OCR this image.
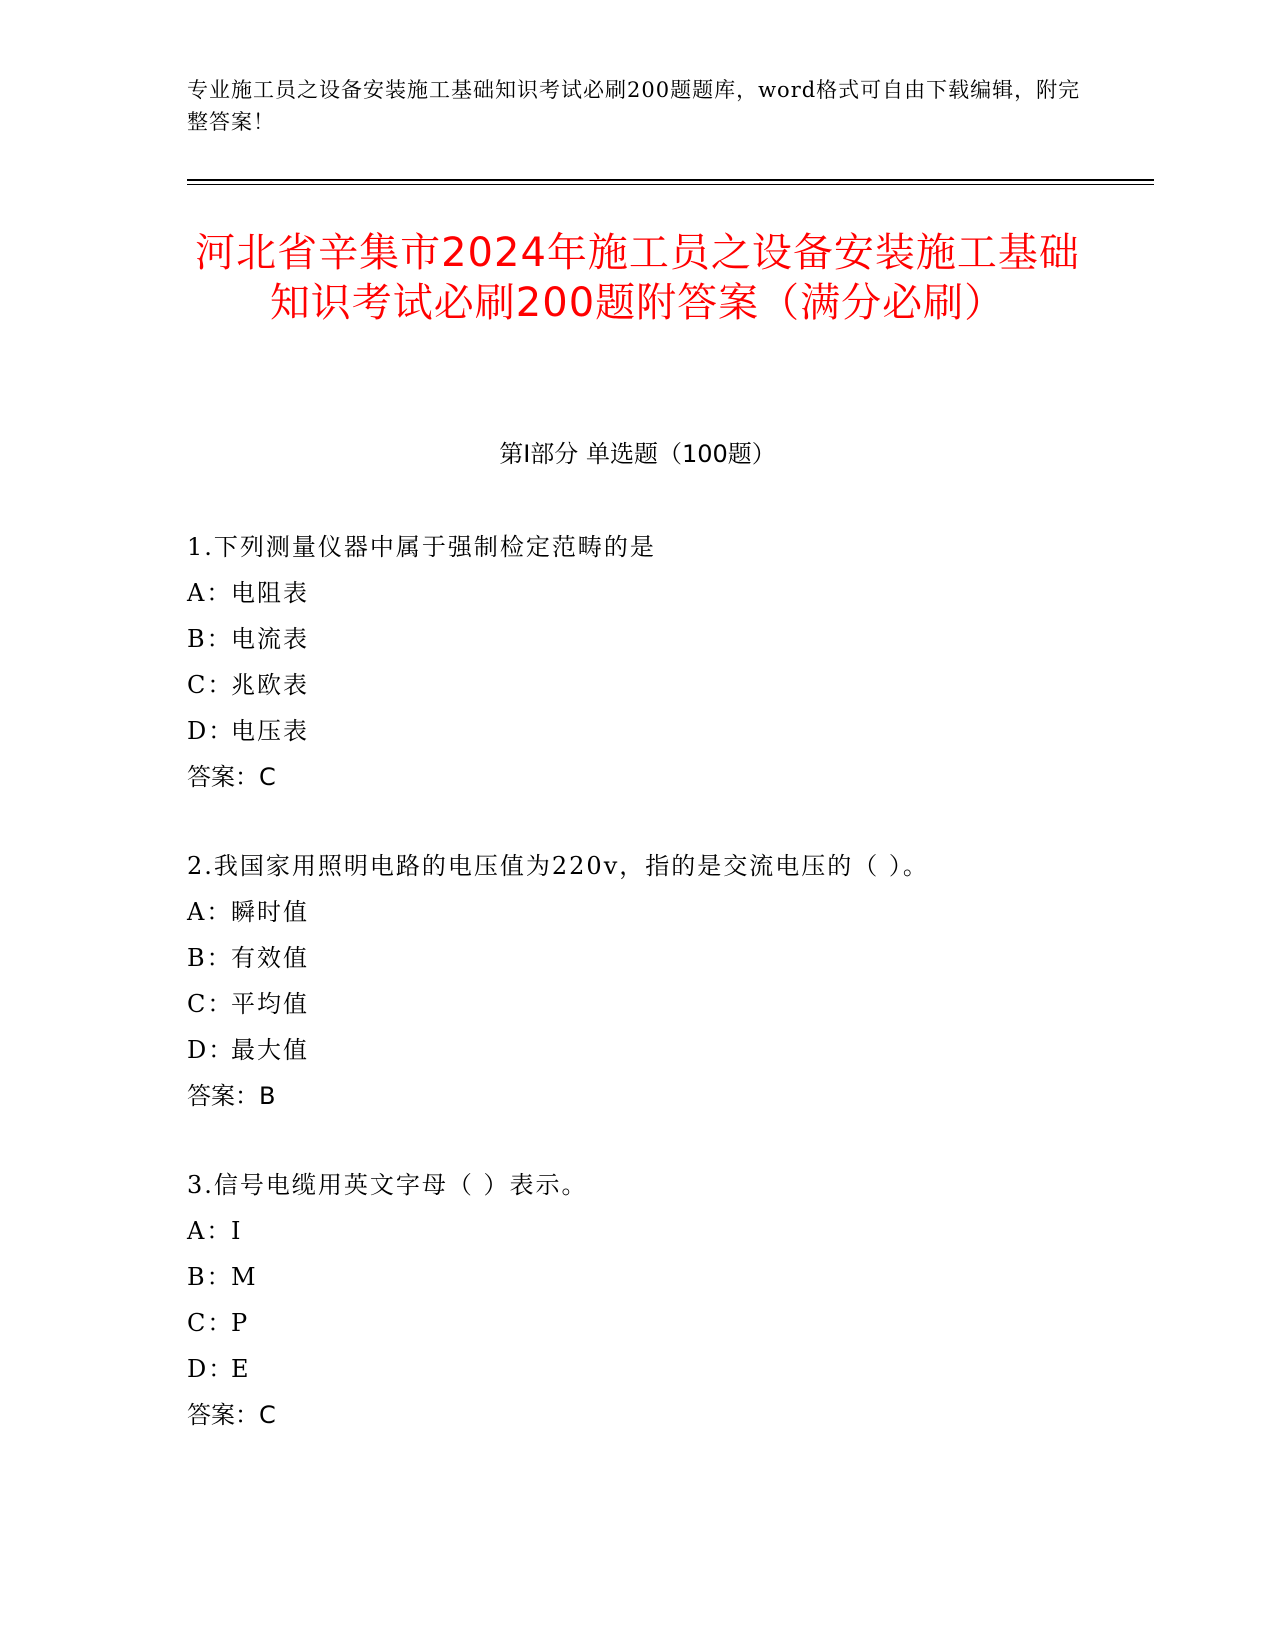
专业施工员之设备安装施工基础知识考试必刷200题题库，word格式可自由下载编辑，附完整答案！
河北省辛集市2024年施工员之设备安装施工基础知识考试必刷200题附答案（满分必刷）
第I部分 单选题（100题）
1.下列测量仪器中属于强制检定范畴的是
A：电阻表
B：电流表
C：兆欧表
D：电压表
答案：C
2.我国家用照明电路的电压值为220v，指的是交流电压的（ ）。
A：瞬时值
B：有效值
C：平均值
D：最大值
答案：B
3.信号电缆用英文字母（ ）表示。
A：I
B：M
C：P
D：E
答案：C
